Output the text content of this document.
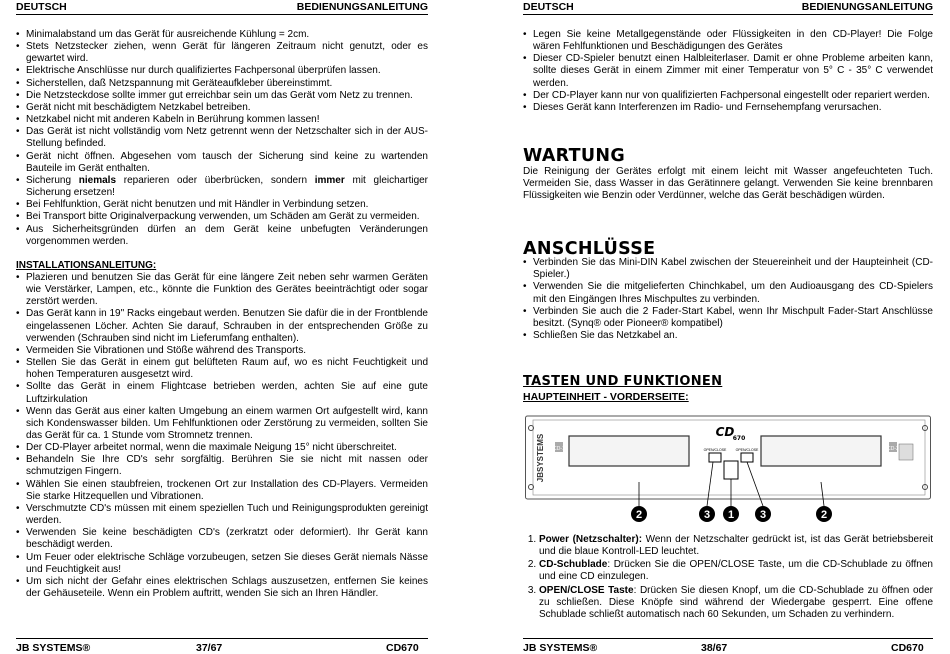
DEUTSCH	BEDIENUNGSANLEITUNG
• Minimalabstand um das Gerät für ausreichende Kühlung = 2cm.
• Stets Netzstecker ziehen, wenn Gerät für längeren Zeitraum nicht genutzt, oder es gewartet wird.
• Elektrische Anschlüsse nur durch qualifiziertes Fachpersonal überprüfen lassen.
• Sicherstellen, daß Netzspannung mit Geräteaufkleber übereinstimmt.
• Die Netzsteckdose sollte immer gut erreichbar sein um das Gerät vom Netz zu trennen.
• Gerät nicht mit beschädigtem Netzkabel betreiben.
• Netzkabel nicht mit anderen Kabeln in Berührung kommen lassen!
• Das Gerät ist nicht vollständig vom Netz getrennt wenn der Netzschalter sich in der AUS-Stellung befinded.
• Gerät nicht öffnen. Abgesehen vom tausch der Sicherung sind keine zu wartenden Bauteile im Gerät enthalten.
• Sicherung niemals reparieren oder überbrücken, sondern immer mit gleichartiger Sicherung ersetzen!
• Bei Fehlfunktion, Gerät nicht benutzen und mit Händler in Verbindung setzen.
• Bei Transport bitte Originalverpackung verwenden, um Schäden am Gerät zu vermeiden.
• Aus Sicherheitsgründen dürfen an dem Gerät keine unbefugten Veränderungen vorgenommen werden.
INSTALLATIONSANLEITUNG:
• Plazieren und benutzen Sie das Gerät für eine längere Zeit neben sehr warmen Geräten wie Verstärker, Lampen, etc., könnte die Funktion des Gerätes beeinträchtigt oder sogar zerstört werden.
• Das Gerät kann in 19" Racks eingebaut werden. Benutzen Sie dafür die in der Frontblende eingelassenen Löcher. Achten Sie darauf, Schrauben in der entsprechenden Größe zu verwenden (Schrauben sind nicht im Lieferumfang enthalten).
• Vermeiden Sie Vibrationen und Stöße während des Transports.
• Stellen Sie das Gerät in einem gut belüfteten Raum auf, wo es nicht Feuchtigkeit und hohen Temperaturen ausgesetzt wird.
• Sollte das Gerät in einem Flightcase betrieben werden, achten Sie auf eine gute Luftzirkulation
• Wenn das Gerät aus einer kalten Umgebung an einem warmen Ort aufgestellt wird, kann sich Kondenswasser bilden. Um Fehlfunktionen oder Zerstörung zu vermeiden, sollten Sie das Gerät für ca. 1 Stunde vom Stromnetz trennen.
• Der CD-Player arbeitet normal, wenn die maximale Neigung 15° nicht überschreitet.
• Behandeln Sie Ihre CD's sehr sorgfältig. Berühren Sie sie nicht mit nassen oder schmutzigen Fingern.
• Wählen Sie einen staubfreien, trockenen Ort zur Installation des CD-Players. Vermeiden Sie starke Hitzequellen und Vibrationen.
• Verschmutzte CD's müssen mit einem speziellen Tuch und Reinigungsprodukten gereinigt werden.
• Verwenden Sie keine beschädigten CD's (zerkratzt oder deformiert). Ihr Gerät kann beschädigt werden.
• Um Feuer oder elektrische Schläge vorzubeugen, setzen Sie dieses Gerät niemals Nässe und Feuchtigkeit aus!
• Um sich nicht der Gefahr eines elektrischen Schlags auszusetzen, entfernen Sie keines der Gehäuseteile. Wenn ein Problem auftritt, wenden Sie sich an Ihren Händler.
JB SYSTEMS®	37/67	CD670
DEUTSCH	BEDIENUNGSANLEITUNG
• Legen Sie keine Metallgegenstände oder Flüssigkeiten in den CD-Player! Die Folge wären Fehlfunktionen und Beschädigungen des Gerätes
• Dieser CD-Spieler benutzt einen Halbleiterlaser. Damit er ohne Probleme arbeiten kann, sollte dieses Gerät in einem Zimmer mit einer Temperatur von 5° C - 35° C verwendet werden.
• Der CD-Player kann nur von qualifizierten Fachpersonal eingestellt oder repariert werden.
• Dieses Gerät kann Interferenzen im Radio- und Fernsehempfang verursachen.
WARTUNG
Die Reinigung der Gerätes erfolgt mit einem leicht mit Wasser angefeuchteten Tuch. Vermeiden Sie, dass Wasser in das Gerätinnere gelangt. Verwenden Sie keine brennbaren Flüssigkeiten wie Benzin oder Verdünner, welche das Gerät beschädigen würden.
ANSCHLÜSSE
• Verbinden Sie das Mini-DIN Kabel zwischen der Steuereinheit und der Haupteinheit (CD-Spieler.)
• Verwenden Sie die mitgelieferten Chinchkabel, um den Audioausgang des CD-Spielers mit den Eingängen Ihres Mischpultes zu verbinden.
• Verbinden Sie auch die 2 Fader-Start Kabel, wenn Ihr Mischpult Fader-Start Anschlüsse besitzt. (Synq® oder Pioneer® kompatibel)
• Schließen Sie das Netzkabel an.
TASTEN UND FUNKTIONEN
HAUPTEINHEIT - VORDERSEITE:
JBSYSTEMS CD-1	CD-2
CD
670
OPEN/CLOSE	OPEN/CLOSE
2	3 1 3	2
1. Power (Netzschalter): Wenn der Netzschalter gedrückt ist, ist das Gerät betriebsbereit und die blaue Kontroll-LED leuchtet.
2. CD-Schublade: Drücken Sie die OPEN/CLOSE Taste, um die CD-Schublade zu öffnen und eine CD einzulegen.
3. OPEN/CLOSE Taste: Drücken Sie diesen Knopf, um die CD-Schublade zu öffnen oder zu schließen. Diese Knöpfe sind während der Wiedergabe gesperrt. Eine offene Schublade schließt automatisch nach 60 Sekunden, um Schaden zu verhindern.
JB SYSTEMS®	38/67	CD670
